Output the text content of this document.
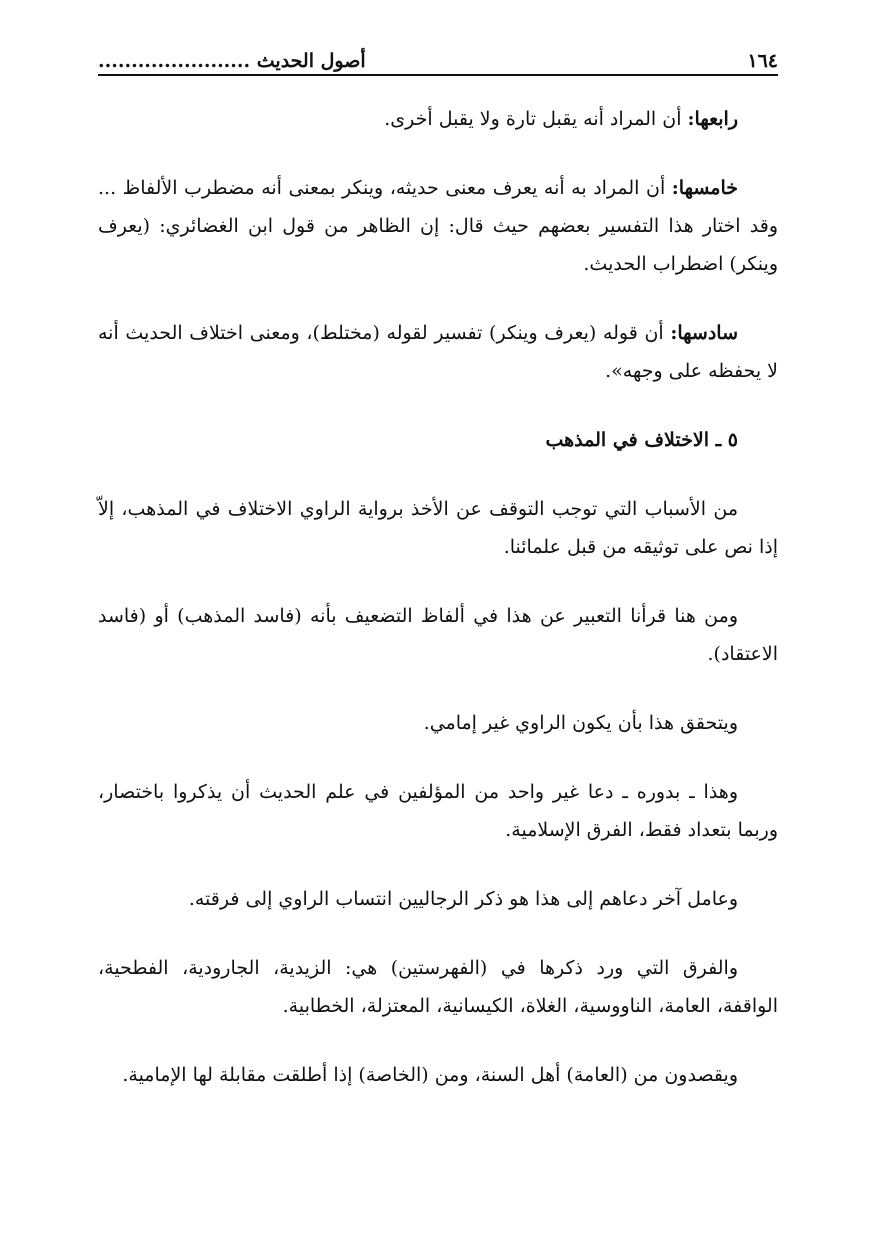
١٦٤
أصول الحديث .......................

رابعها: أن المراد أنه يقبل تارة ولا يقبل أخرى.

خامسها: أن المراد به أنه يعرف معنى حديثه، وينكر بمعنى أنه مضطرب الألفاظ ... وقد اختار هذا التفسير بعضهم حيث قال: إن الظاهر من قول ابن الغضائري: (يعرف وينكر) اضطراب الحديث.

سادسها: أن قوله (يعرف وينكر) تفسير لقوله (مختلط)، ومعنى اختلاف الحديث أنه لا يحفظه على وجهه».

٥ ـ الاختلاف في المذهب

من الأسباب التي توجب التوقف عن الأخذ برواية الراوي الاختلاف في المذهب، إلاّ إذا نص على توثيقه من قبل علمائنا.

ومن هنا قرأنا التعبير عن هذا في ألفاظ التضعيف بأنه (فاسد المذهب) أو (فاسد الاعتقاد).

ويتحقق هذا بأن يكون الراوي غير إمامي.

وهذا ـ بدوره ـ دعا غير واحد من المؤلفين في علم الحديث أن يذكروا باختصار، وربما بتعداد فقط، الفرق الإسلامية.

وعامل آخر دعاهم إلى هذا هو ذكر الرجاليين انتساب الراوي إلى فرقته.

والفرق التي ورد ذكرها في (الفهرستين) هي: الزيدية، الجارودية، الفطحية، الواقفة، العامة، الناووسية، الغلاة، الكيسانية، المعتزلة، الخطابية.

ويقصدون من (العامة) أهل السنة، ومن (الخاصة) إذا أطلقت مقابلة لها الإمامية.
